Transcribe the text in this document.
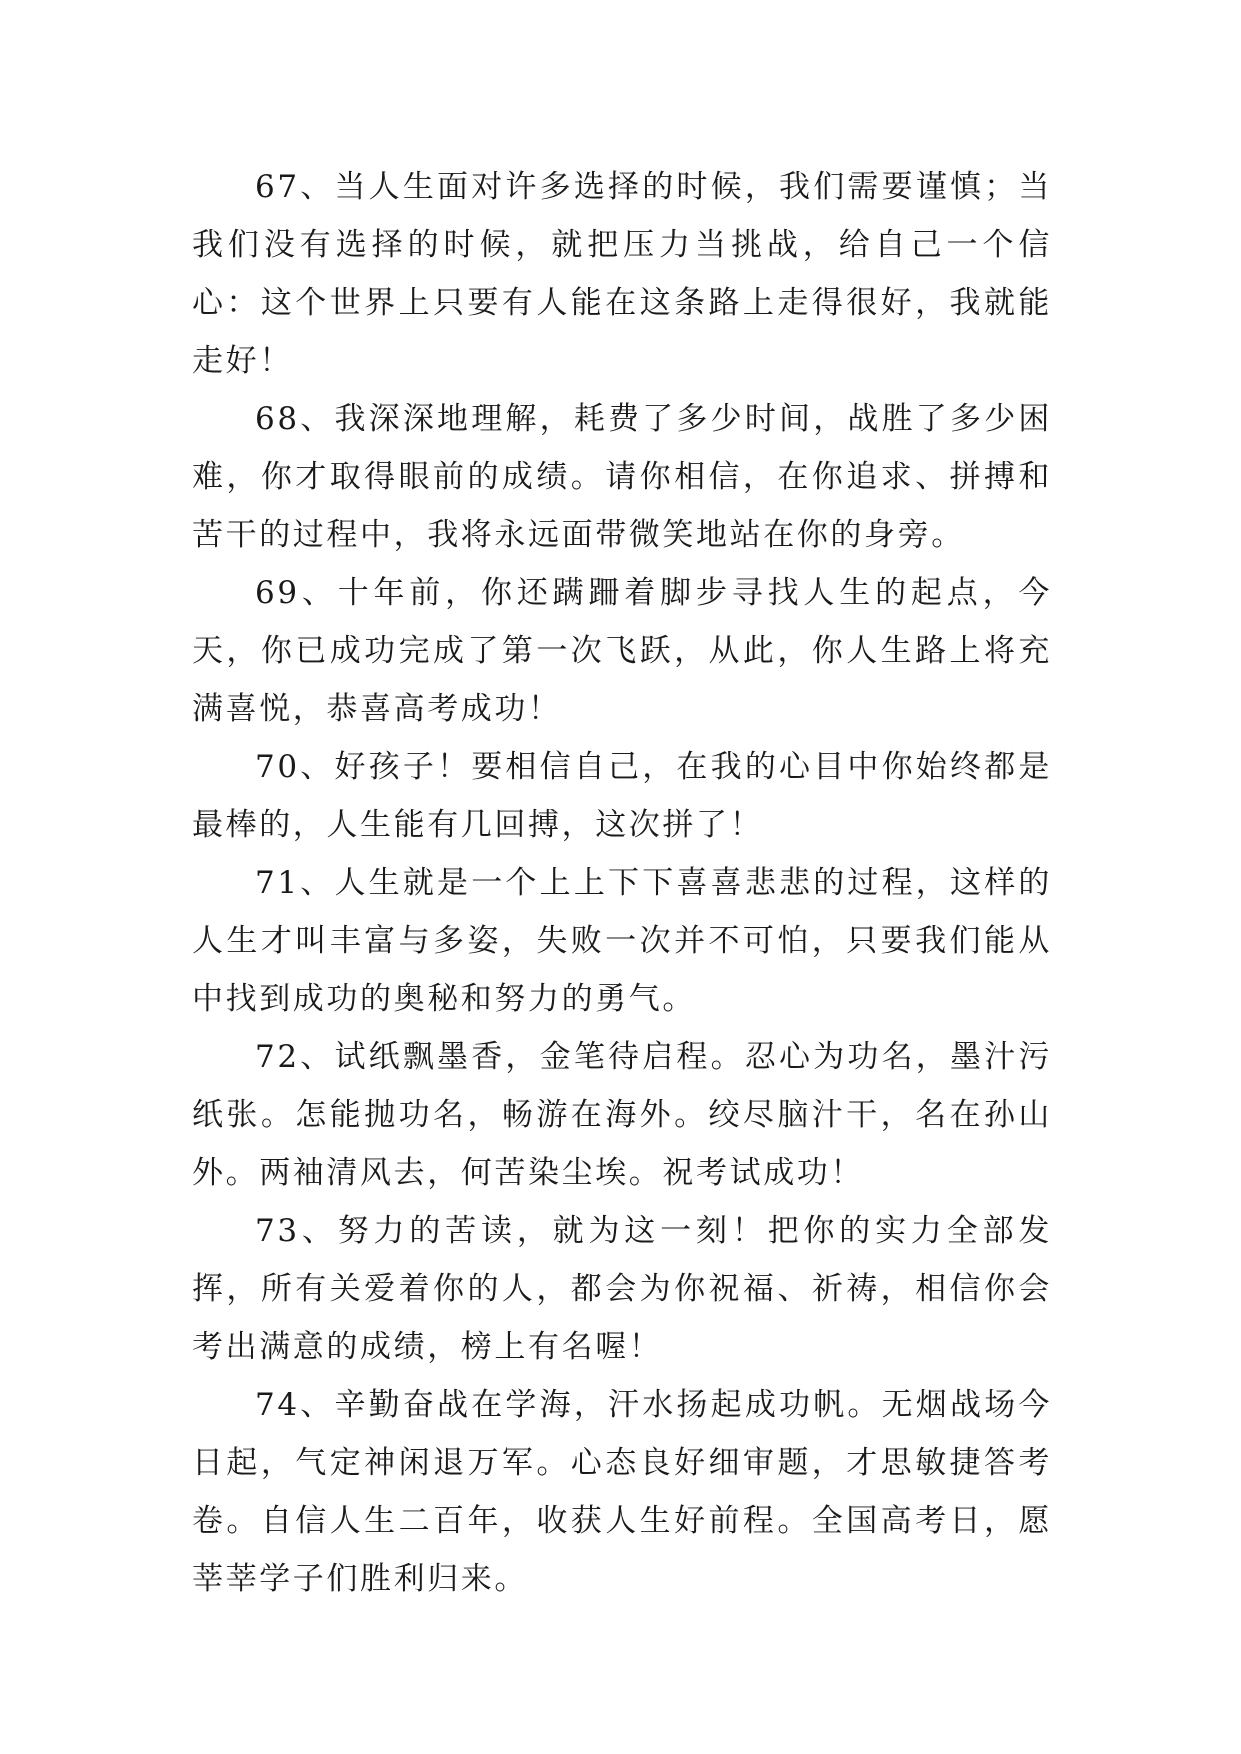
67、当人生面对许多选择的时候，我们需要谨慎；当我们没有选择的时候，就把压力当挑战，给自己一个信心：这个世界上只要有人能在这条路上走得很好，我就能走好！

68、我深深地理解，耗费了多少时间，战胜了多少困难，你才取得眼前的成绩。请你相信，在你追求、拼搏和苦干的过程中，我将永远面带微笑地站在你的身旁。

69、十年前，你还蹒跚着脚步寻找人生的起点，今天，你已成功完成了第一次飞跃，从此，你人生路上将充满喜悦，恭喜高考成功！

70、好孩子！要相信自己，在我的心目中你始终都是最棒的，人生能有几回搏，这次拼了！

71、人生就是一个上上下下喜喜悲悲的过程，这样的人生才叫丰富与多姿，失败一次并不可怕，只要我们能从中找到成功的奥秘和努力的勇气。

72、试纸飘墨香，金笔待启程。忍心为功名，墨汁污纸张。怎能抛功名，畅游在海外。绞尽脑汁干，名在孙山外。两袖清风去，何苦染尘埃。祝考试成功！

73、努力的苦读，就为这一刻！把你的实力全部发挥，所有关爱着你的人，都会为你祝福、祈祷，相信你会考出满意的成绩，榜上有名喔！

74、辛勤奋战在学海，汗水扬起成功帆。无烟战场今日起，气定神闲退万军。心态良好细审题，才思敏捷答考卷。自信人生二百年，收获人生好前程。全国高考日，愿莘莘学子们胜利归来。
